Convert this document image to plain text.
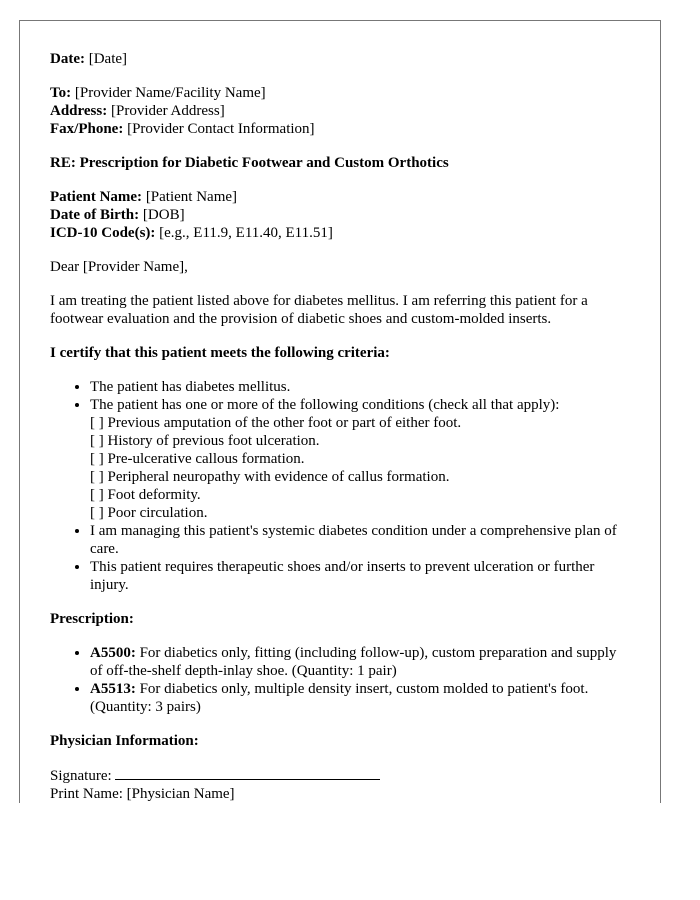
Date: [Date]

To: [Provider Name/Facility Name]
Address: [Provider Address]
Fax/Phone: [Provider Contact Information]

RE: Prescription for Diabetic Footwear and Custom Orthotics

Patient Name: [Patient Name]
Date of Birth: [DOB]
ICD-10 Code(s): [e.g., E11.9, E11.40, E11.51]

Dear [Provider Name],

I am treating the patient listed above for diabetes mellitus. I am referring this patient for a footwear evaluation and the provision of diabetic shoes and custom-molded inserts.

I certify that this patient meets the following criteria:

• The patient has diabetes mellitus.
• The patient has one or more of the following conditions (check all that apply):
[ ] Previous amputation of the other foot or part of either foot.
[ ] History of previous foot ulceration.
[ ] Pre-ulcerative callous formation.
[ ] Peripheral neuropathy with evidence of callus formation.
[ ] Foot deformity.
[ ] Poor circulation.
• I am managing this patient's systemic diabetes condition under a comprehensive plan of care.
• This patient requires therapeutic shoes and/or inserts to prevent ulceration or further injury.

Prescription:

• A5500: For diabetics only, fitting (including follow-up), custom preparation and supply of off-the-shelf depth-inlay shoe. (Quantity: 1 pair)
• A5513: For diabetics only, multiple density insert, custom molded to patient's foot. (Quantity: 3 pairs)

Physician Information:

Signature:
Print Name: [Physician Name]
